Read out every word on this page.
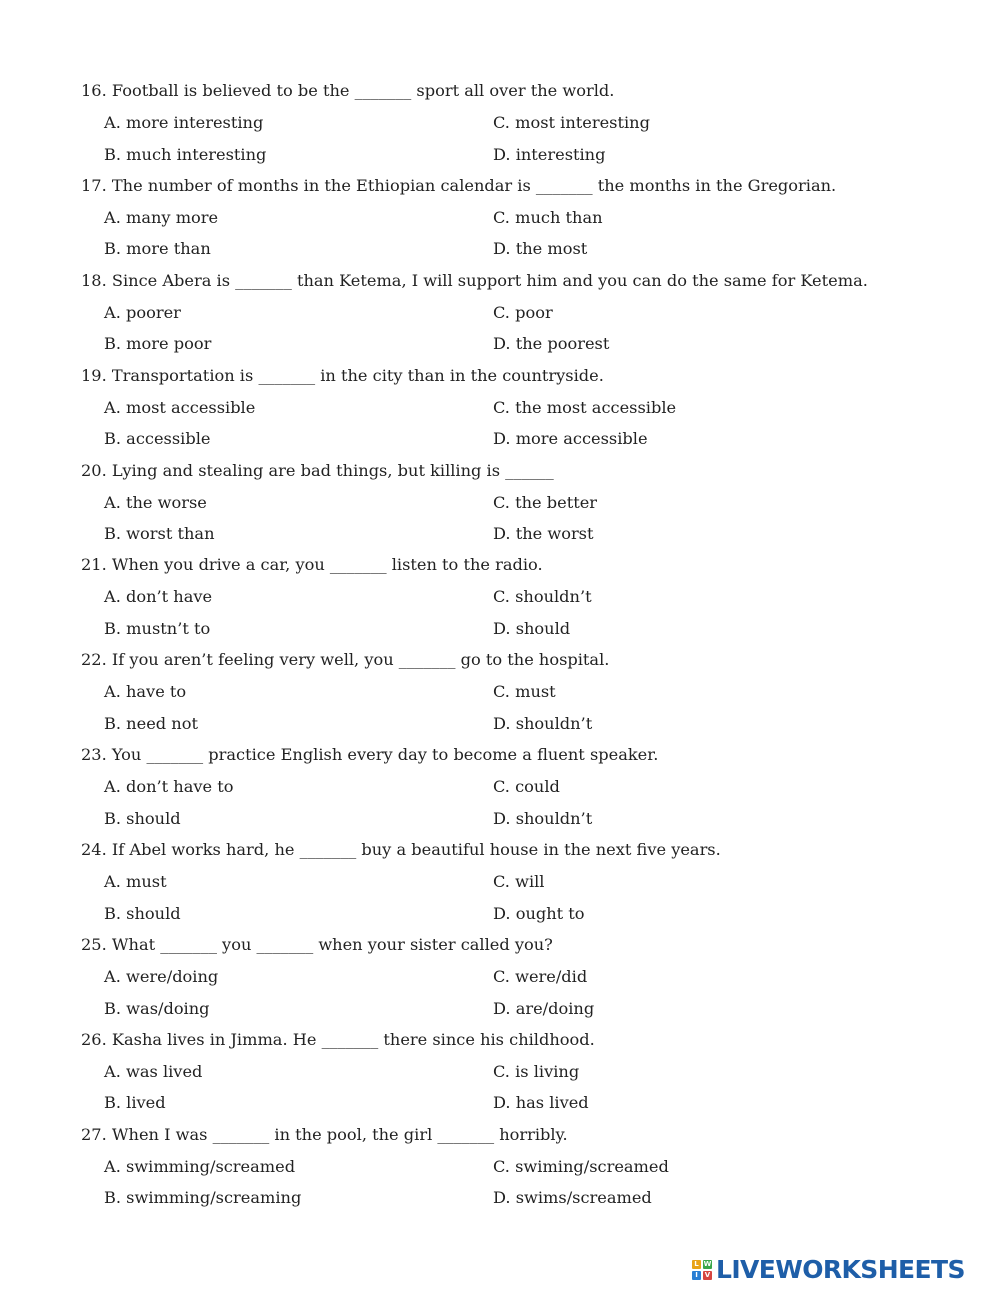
16. Football is believed to be the _______ sport all over the world.
A. more interesting	C. most interesting
B. much interesting	D. interesting
17. The number of months in the Ethiopian calendar is _______ the months in the Gregorian.
A. many more	C. much than
B. more than	D. the most
18. Since Abera is _______ than Ketema, I will support him and you can do the same for Ketema.
A. poorer	C. poor
B. more poor	D. the poorest
19. Transportation is _______ in the city than in the countryside.
A. most accessible	C. the most accessible
B. accessible	D. more accessible
20. Lying and stealing are bad things, but killing is ______
A. the worse	C. the better
B. worst than	D. the worst
21. When you drive a car, you _______ listen to the radio.
A. don’t have	C. shouldn’t
B. mustn’t to	D. should
22. If you aren’t feeling very well, you _______ go to the hospital.
A. have to	C. must
B. need not	D. shouldn’t
23. You _______ practice English every day to become a fluent speaker.
A. don’t have to	C. could
B. should	D. shouldn’t
24. If Abel works hard, he _______ buy a beautiful house in the next five years.
A. must	C. will
B. should	D. ought to
25. What _______ you _______ when your sister called you?
A. were/doing	C. were/did
B. was/doing	D. are/doing
26. Kasha lives in Jimma. He _______ there since his childhood.
A. was lived	C. is living
B. lived	D. has lived
27. When I was _______ in the pool, the girl _______ horribly.
A. swimming/screamed	C. swiming/screamed
B. swimming/screaming	D. swims/screamed
L W
I V LIVEWORKSHEETS
